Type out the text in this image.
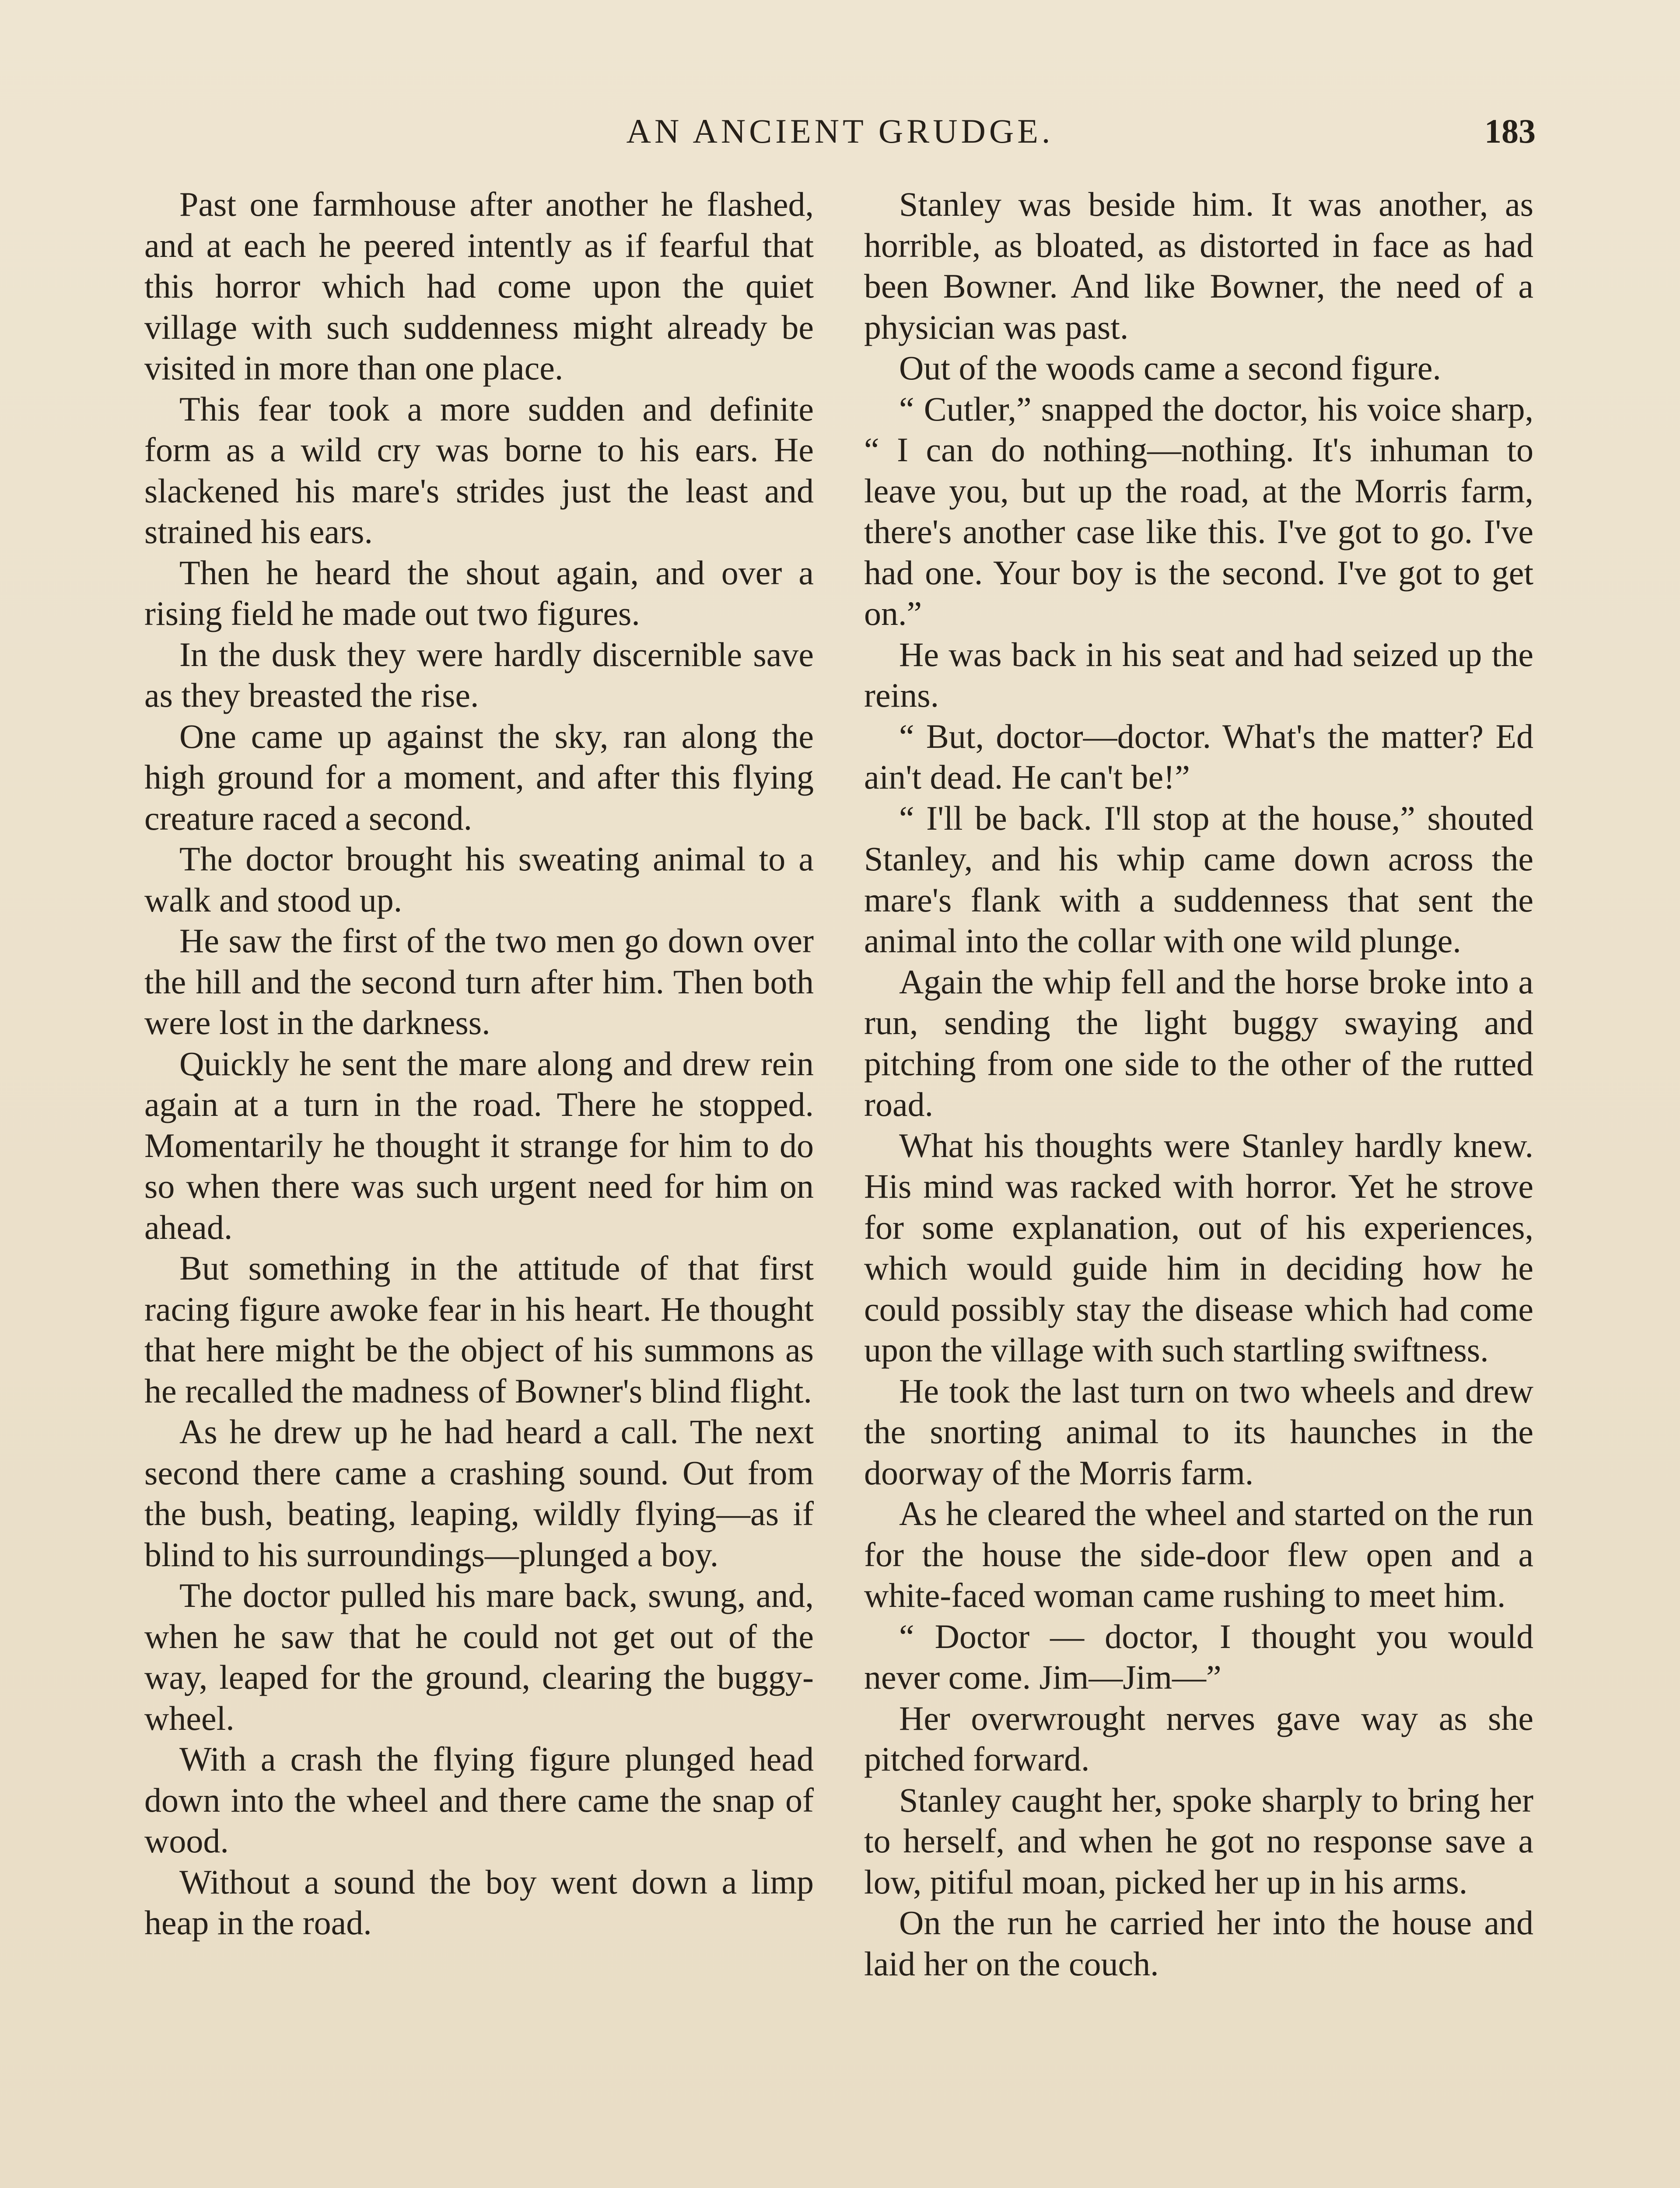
AN ANCIENT GRUDGE.	183

Past one farmhouse after another he flashed, and at each he peered intently as if fearful that this horror which had come upon the quiet village with such suddenness might already be visited in more than one place.

This fear took a more sudden and definite form as a wild cry was borne to his ears. He slackened his mare's strides just the least and strained his ears.

Then he heard the shout again, and over a rising field he made out two figures.

In the dusk they were hardly discernible save as they breasted the rise.

One came up against the sky, ran along the high ground for a moment, and after this flying creature raced a second.

The doctor brought his sweating animal to a walk and stood up.

He saw the first of the two men go down over the hill and the second turn after him. Then both were lost in the darkness.

Quickly he sent the mare along and drew rein again at a turn in the road. There he stopped. Momentarily he thought it strange for him to do so when there was such urgent need for him on ahead.

But something in the attitude of that first racing figure awoke fear in his heart. He thought that here might be the object of his summons as he recalled the madness of Bowner's blind flight.

As he drew up he had heard a call. The next second there came a crashing sound. Out from the bush, beating, leaping, wildly flying—as if blind to his surroundings—plunged a boy.

The doctor pulled his mare back, swung, and, when he saw that he could not get out of the way, leaped for the ground, clearing the buggy-wheel.

With a crash the flying figure plunged head down into the wheel and there came the snap of wood.

Without a sound the boy went down a limp heap in the road.

Stanley was beside him. It was another, as horrible, as bloated, as distorted in face as had been Bowner. And like Bowner, the need of a physician was past.

Out of the woods came a second figure.

“ Cutler,” snapped the doctor, his voice sharp, “ I can do nothing—nothing. It's inhuman to leave you, but up the road, at the Morris farm, there's another case like this. I've got to go. I've had one. Your boy is the second. I've got to get on.”

He was back in his seat and had seized up the reins.

“ But, doctor—doctor. What's the matter? Ed ain't dead. He can't be!”

“ I'll be back. I'll stop at the house,” shouted Stanley, and his whip came down across the mare's flank with a suddenness that sent the animal into the collar with one wild plunge.

Again the whip fell and the horse broke into a run, sending the light buggy swaying and pitching from one side to the other of the rutted road.

What his thoughts were Stanley hardly knew. His mind was racked with horror. Yet he strove for some explanation, out of his experiences, which would guide him in deciding how he could possibly stay the disease which had come upon the village with such startling swiftness.

He took the last turn on two wheels and drew the snorting animal to its haunches in the doorway of the Morris farm.

As he cleared the wheel and started on the run for the house the side-door flew open and a white-faced woman came rushing to meet him.

“ Doctor — doctor, I thought you would never come. Jim—Jim—”

Her overwrought nerves gave way as she pitched forward.

Stanley caught her, spoke sharply to bring her to herself, and when he got no response save a low, pitiful moan, picked her up in his arms.

On the run he carried her into the house and laid her on the couch.
